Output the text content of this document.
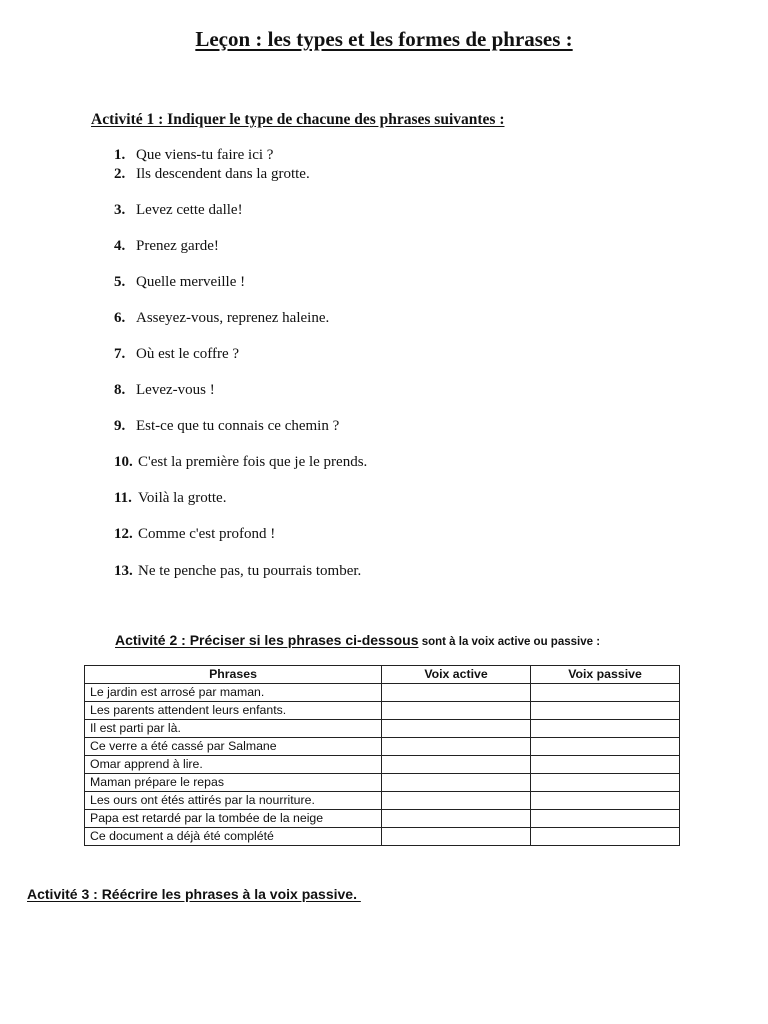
Leçon : les types et les formes de phrases :
Activité 1 : Indiquer le type de chacune des phrases suivantes :
1. Que viens-tu faire ici ?
2. Ils descendent dans la grotte.
3. Levez cette dalle!
4. Prenez garde!
5. Quelle merveille !
6. Asseyez-vous, reprenez haleine.
7. Où est le coffre ?
8. Levez-vous !
9. Est-ce que tu connais ce chemin ?
10. C'est la première fois que je le prends.
11. Voilà la grotte.
12. Comme c'est profond !
13. Ne te penche pas, tu pourrais tomber.
Activité 2 : Préciser si les phrases ci-dessous sont à la voix active ou passive :
Phrases	Voix active	Voix passive
Le jardin est arrosé par maman.		
Les parents attendent leurs enfants.		
Il est parti par là.		
Ce verre a été cassé par Salmane		
Omar apprend à lire.		
Maman prépare le repas		
Les ours ont étés attirés par la nourriture.		
Papa est retardé par la tombée de la neige		
Ce document a déjà été complété		
Activité 3 : Réécrire les phrases à la voix passive.
